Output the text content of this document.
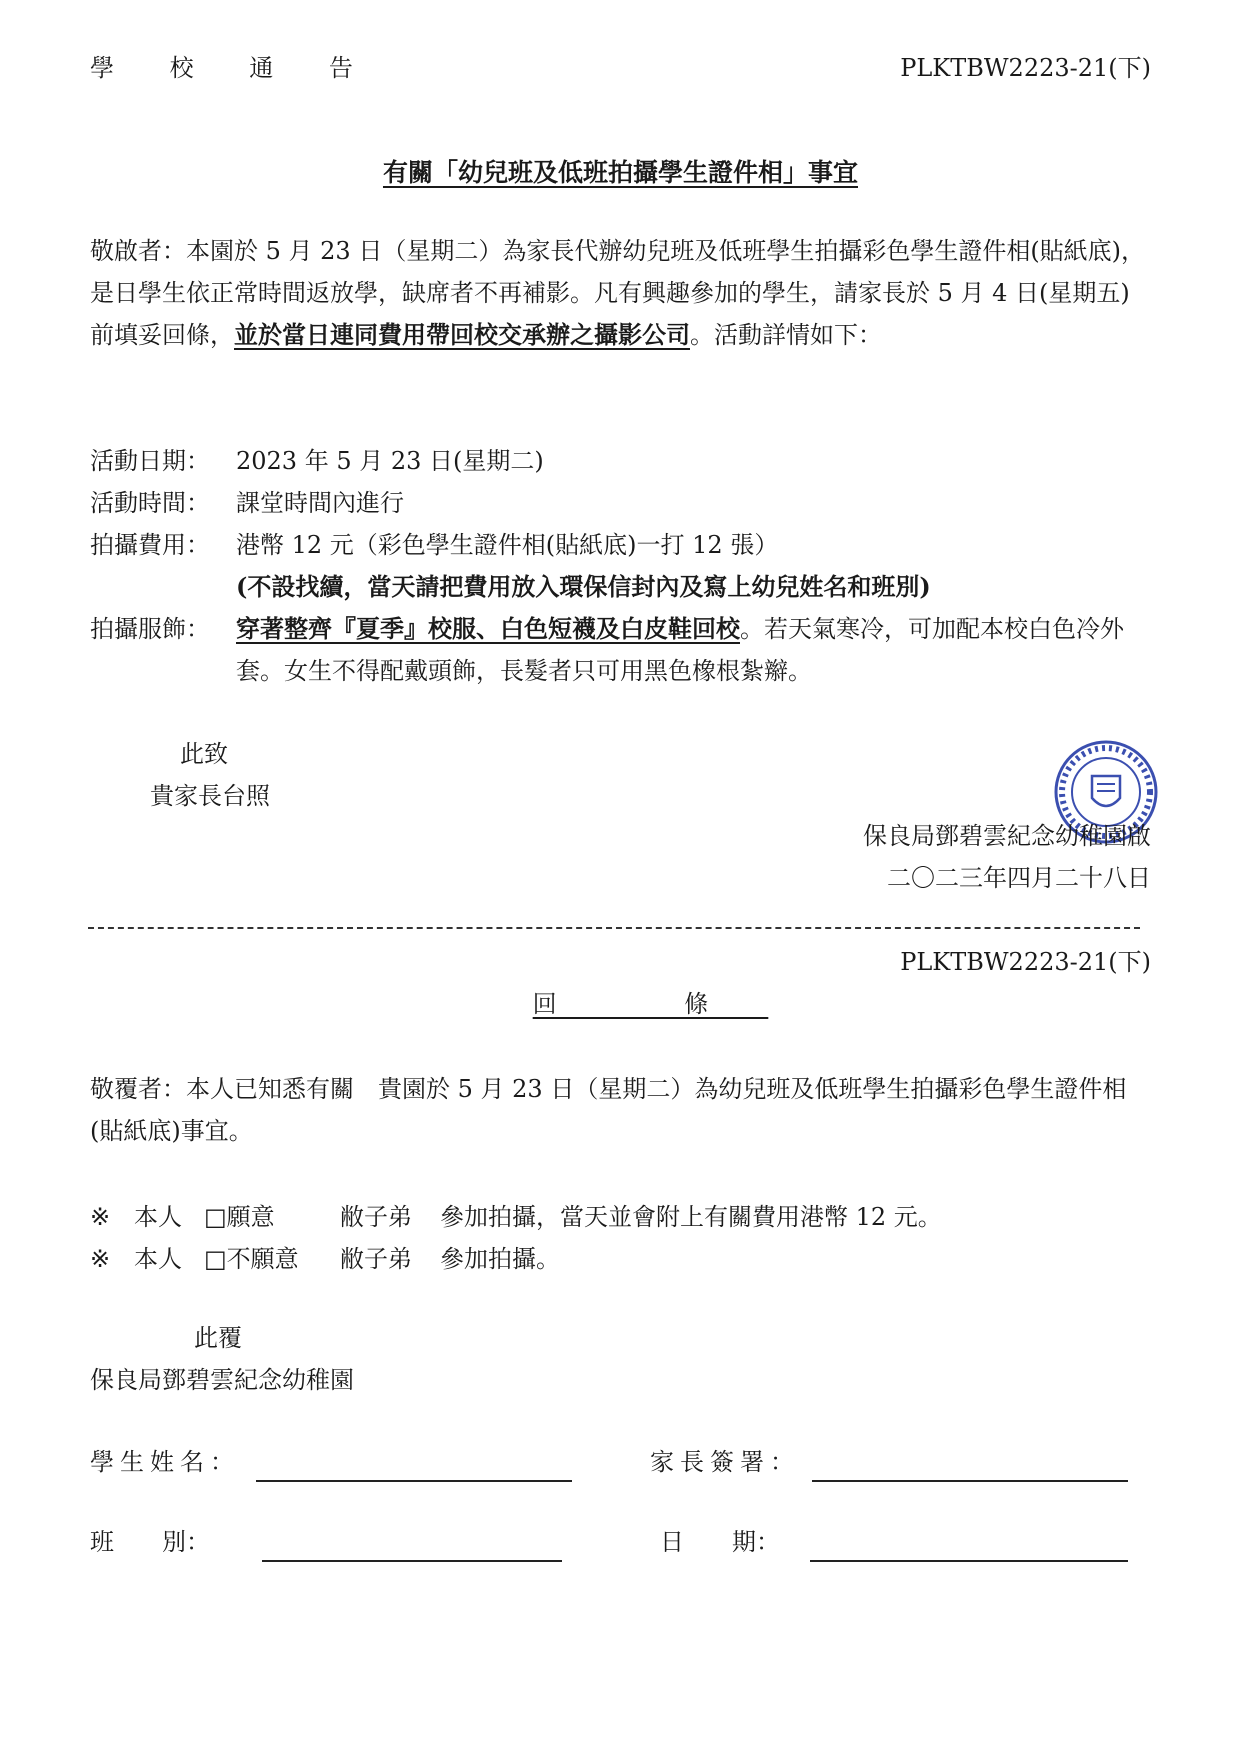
學 校 通 告	PLKTBW2223-21(下)
有關「幼兒班及低班拍攝學生證件相」事宜
敬啟者：本園於 5 月 23 日（星期二）為家長代辦幼兒班及低班學生拍攝彩色學生證件相(貼紙底)，是日學生依正常時間返放學，缺席者不再補影。凡有興趣參加的學生，請家長於 5 月 4 日(星期五)前填妥回條，並於當日連同費用帶回校交承辦之攝影公司。活動詳情如下：
活動日期：	2023 年 5 月 23 日(星期二)
活動時間：	課堂時間內進行
拍攝費用：	港幣 12 元（彩色學生證件相(貼紙底)一打 12 張）
(不設找續，當天請把費用放入環保信封內及寫上幼兒姓名和班別)
拍攝服飾：	穿著整齊『夏季』校服、白色短襪及白皮鞋回校。若天氣寒冷，可加配本校白色冷外套。女生不得配戴頭飾，長髮者只可用黑色橡根紮辮。
此致
貴家長台照
保良局鄧碧雲紀念幼稚園啟
二〇二三年四月二十八日
PLKTBW2223-21(下)
回 條
敬覆者：本人已知悉有關　貴園於 5 月 23 日（星期二）為幼兒班及低班學生拍攝彩色學生證件相(貼紙底)事宜。
※ 本人 □願意	敝子弟 參加拍攝，當天並會附上有關費用港幣 12 元。
※ 本人 □不願意 敝子弟 參加拍攝。
此覆
保良局鄧碧雲紀念幼稚園
學生姓名：	家長簽署：
班　　別：	日　　期：
